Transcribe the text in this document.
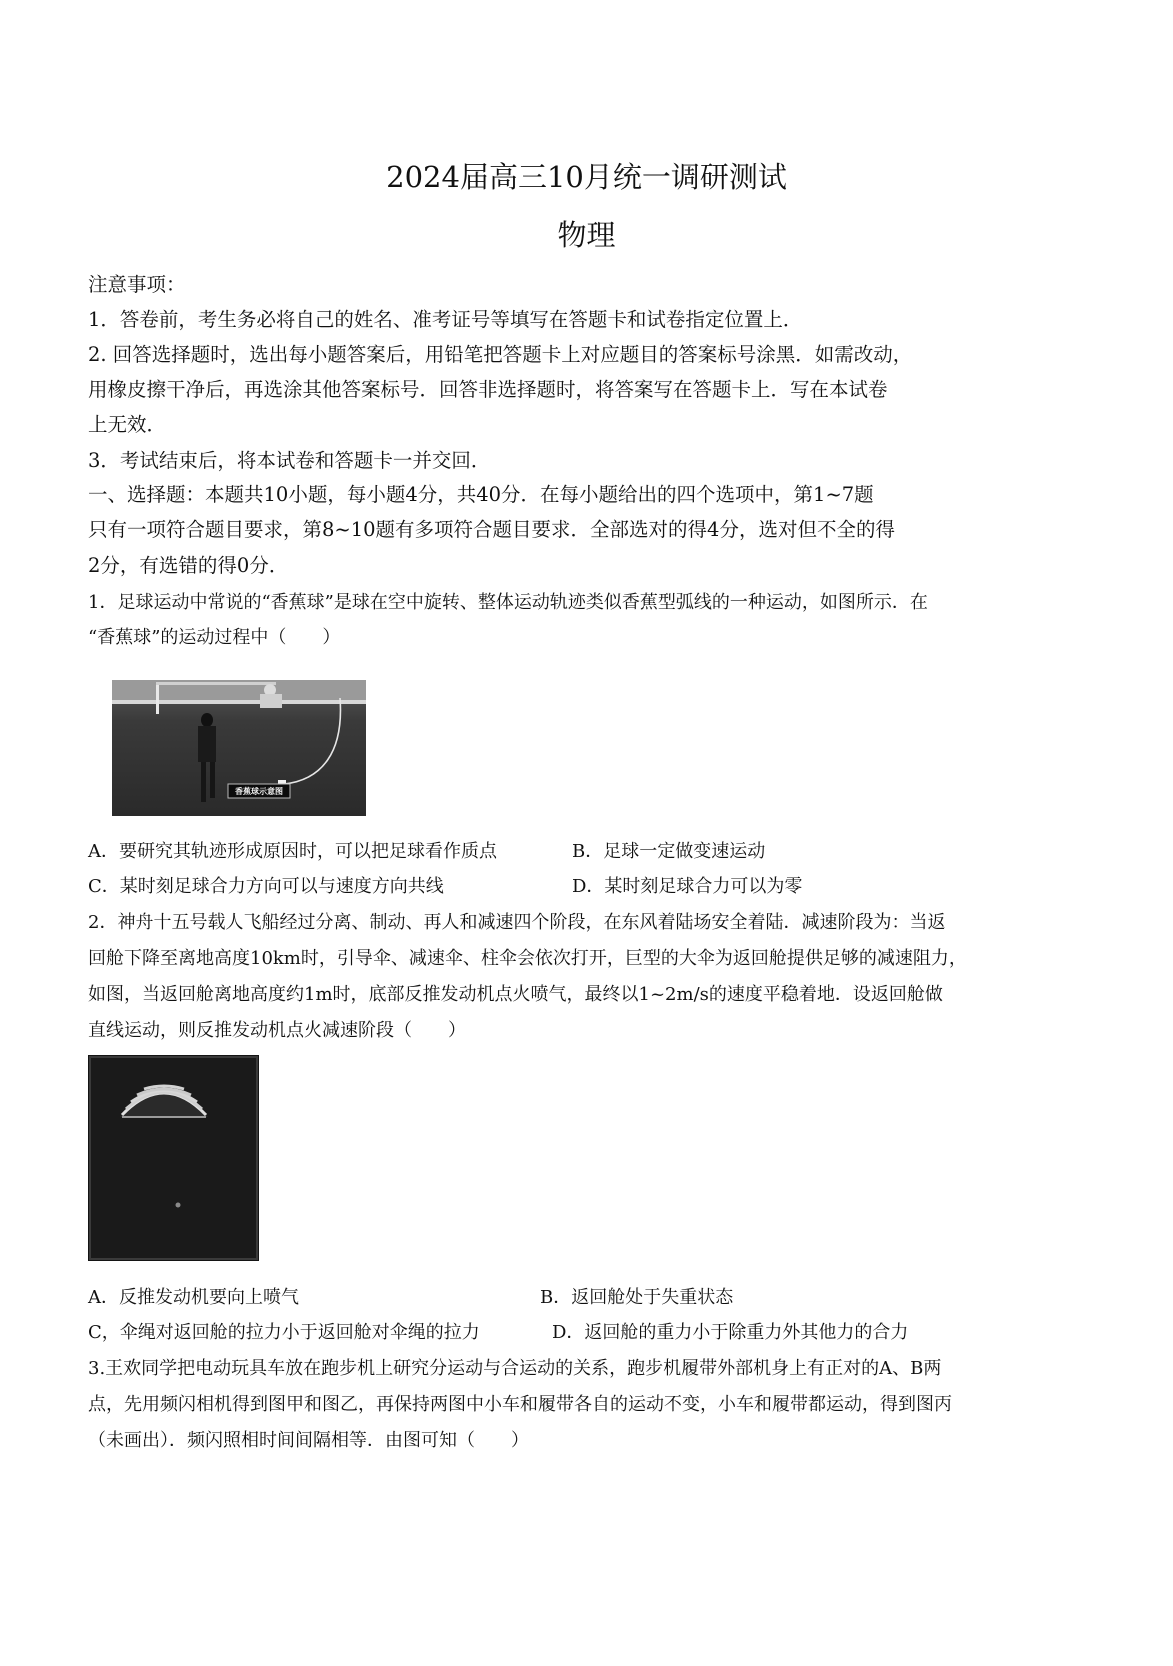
2024届高三10月统一调研测试
物理
注意事项：
1．答卷前，考生务必将自己的姓名、准考证号等填写在答题卡和试卷指定位置上．
2. 回答选择题时，选出每小题答案后，用铅笔把答题卡上对应题目的答案标号涂黑．如需改动，
用橡皮擦干净后，再选涂其他答案标号．回答非选择题时，将答案写在答题卡上．写在本试卷
上无效．
3．考试结束后，将本试卷和答题卡一并交回．
一、选择题：本题共10小题，每小题4分，共40分．在每小题给出的四个选项中，第1~7题
只有一项符合题目要求，第8~10题有多项符合题目要求．全部选对的得4分，选对但不全的得
2分，有选错的得0分．
1．足球运动中常说的“香蕉球”是球在空中旋转、整体运动轨迹类似香蕉型弧线的一种运动，如图所示．在
“香蕉球”的运动过程中（　　）
香蕉球示意图
A．要研究其轨迹形成原因时，可以把足球看作质点	B．足球一定做变速运动
C．某时刻足球合力方向可以与速度方向共线	D．某时刻足球合力可以为零
2．神舟十五号载人飞船经过分离、制动、再人和减速四个阶段，在东风着陆场安全着陆．减速阶段为：当返
回舱下降至离地高度10km时，引导伞、减速伞、柱伞会依次打开，巨型的大伞为返回舱提供足够的减速阻力，
如图，当返回舱离地高度约1m时，底部反推发动机点火喷气，最终以1~2m/s的速度平稳着地．设返回舱做
直线运动，则反推发动机点火减速阶段（　　）
A．反推发动机要向上喷气	B．返回舱处于失重状态
C，伞绳对返回舱的拉力小于返回舱对伞绳的拉力	D．返回舱的重力小于除重力外其他力的合力
3.王欢同学把电动玩具车放在跑步机上研究分运动与合运动的关系，跑步机履带外部机身上有正对的A、B两
点，先用频闪相机得到图甲和图乙，再保持两图中小车和履带各自的运动不变，小车和履带都运动，得到图丙
（未画出）．频闪照相时间间隔相等．由图可知（　　）
